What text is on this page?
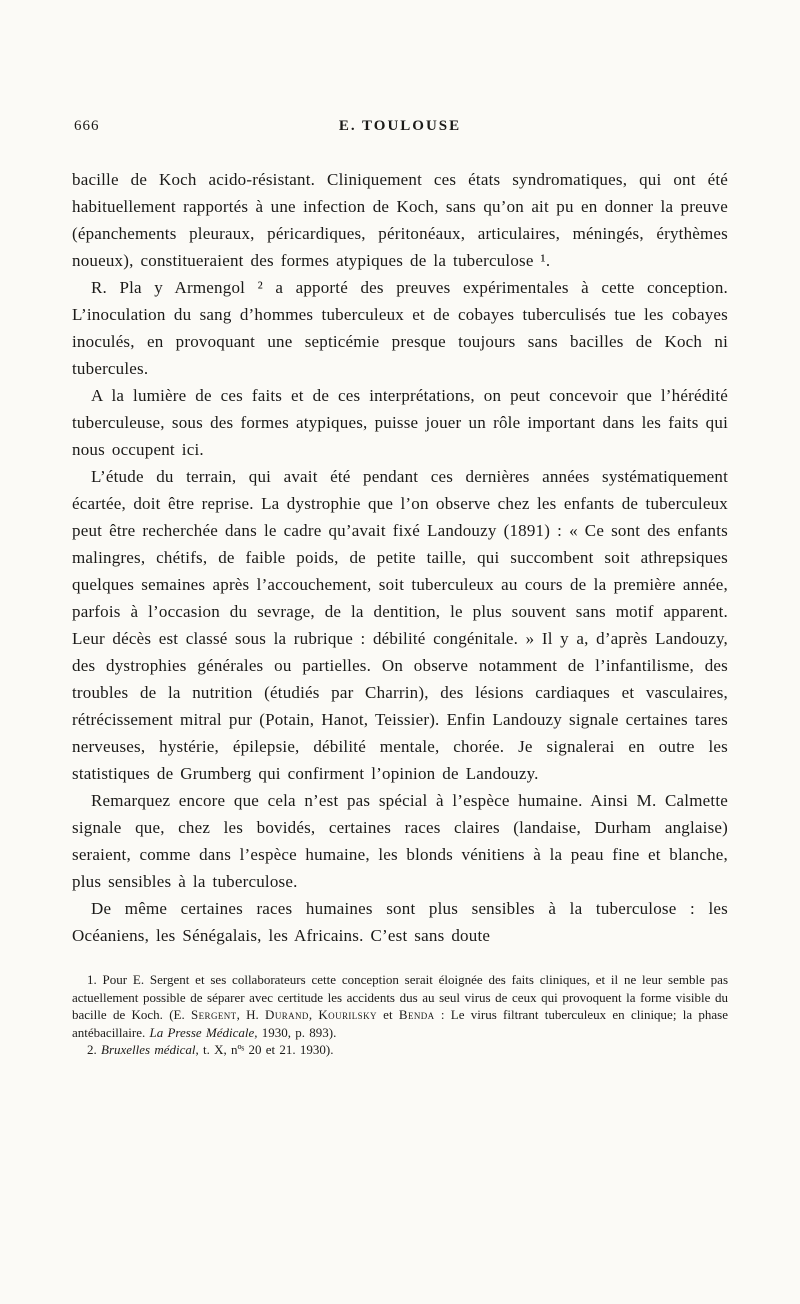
666	E. TOULOUSE

bacille de Koch acido-résistant. Cliniquement ces états syndromatiques, qui ont été habituellement rapportés à une infection de Koch, sans qu’on ait pu en donner la preuve (épanchements pleuraux, péricardiques, péritonéaux, articulaires, méningés, érythèmes noueux), constitueraient des formes atypiques de la tuberculose ¹.

R. Pla y Armengol ² a apporté des preuves expérimentales à cette conception. L’inoculation du sang d’hommes tuberculeux et de cobayes tuberculisés tue les cobayes inoculés, en provoquant une septicémie presque toujours sans bacilles de Koch ni tubercules.

A la lumière de ces faits et de ces interprétations, on peut concevoir que l’hérédité tuberculeuse, sous des formes atypiques, puisse jouer un rôle important dans les faits qui nous occupent ici.

L’étude du terrain, qui avait été pendant ces dernières années systématiquement écartée, doit être reprise. La dystrophie que l’on observe chez les enfants de tuberculeux peut être recherchée dans le cadre qu’avait fixé Landouzy (1891) : « Ce sont des enfants malingres, chétifs, de faible poids, de petite taille, qui succombent soit athrepsiques quelques semaines après l’accouchement, soit tuberculeux au cours de la première année, parfois à l’occasion du sevrage, de la dentition, le plus souvent sans motif apparent. Leur décès est classé sous la rubrique : débilité congénitale. » Il y a, d’après Landouzy, des dystrophies générales ou partielles. On observe notamment de l’infantilisme, des troubles de la nutrition (étudiés par Charrin), des lésions cardiaques et vasculaires, rétrécissement mitral pur (Potain, Hanot, Teissier). Enfin Landouzy signale certaines tares nerveuses, hystérie, épilepsie, débilité mentale, chorée. Je signalerai en outre les statistiques de Grumberg qui confirment l’opinion de Landouzy.

Remarquez encore que cela n’est pas spécial à l’espèce humaine. Ainsi M. Calmette signale que, chez les bovidés, certaines races claires (landaise, Durham anglaise) seraient, comme dans l’espèce humaine, les blonds vénitiens à la peau fine et blanche, plus sensibles à la tuberculose.

De même certaines races humaines sont plus sensibles à la tuberculose : les Océaniens, les Sénégalais, les Africains. C’est sans doute

1. Pour E. Sergent et ses collaborateurs cette conception serait éloignée des faits cliniques, et il ne leur semble pas actuellement possible de séparer avec certitude les accidents dus au seul virus de ceux qui provoquent la forme visible du bacille de Koch. (E. Sergent, H. Durand, Kourilsky et Benda : Le virus filtrant tuberculeux en clinique; la phase antébacillaire. La Presse Médicale, 1930, p. 893).

2. Bruxelles médical, t. X, nºˢ 20 et 21. 1930).
